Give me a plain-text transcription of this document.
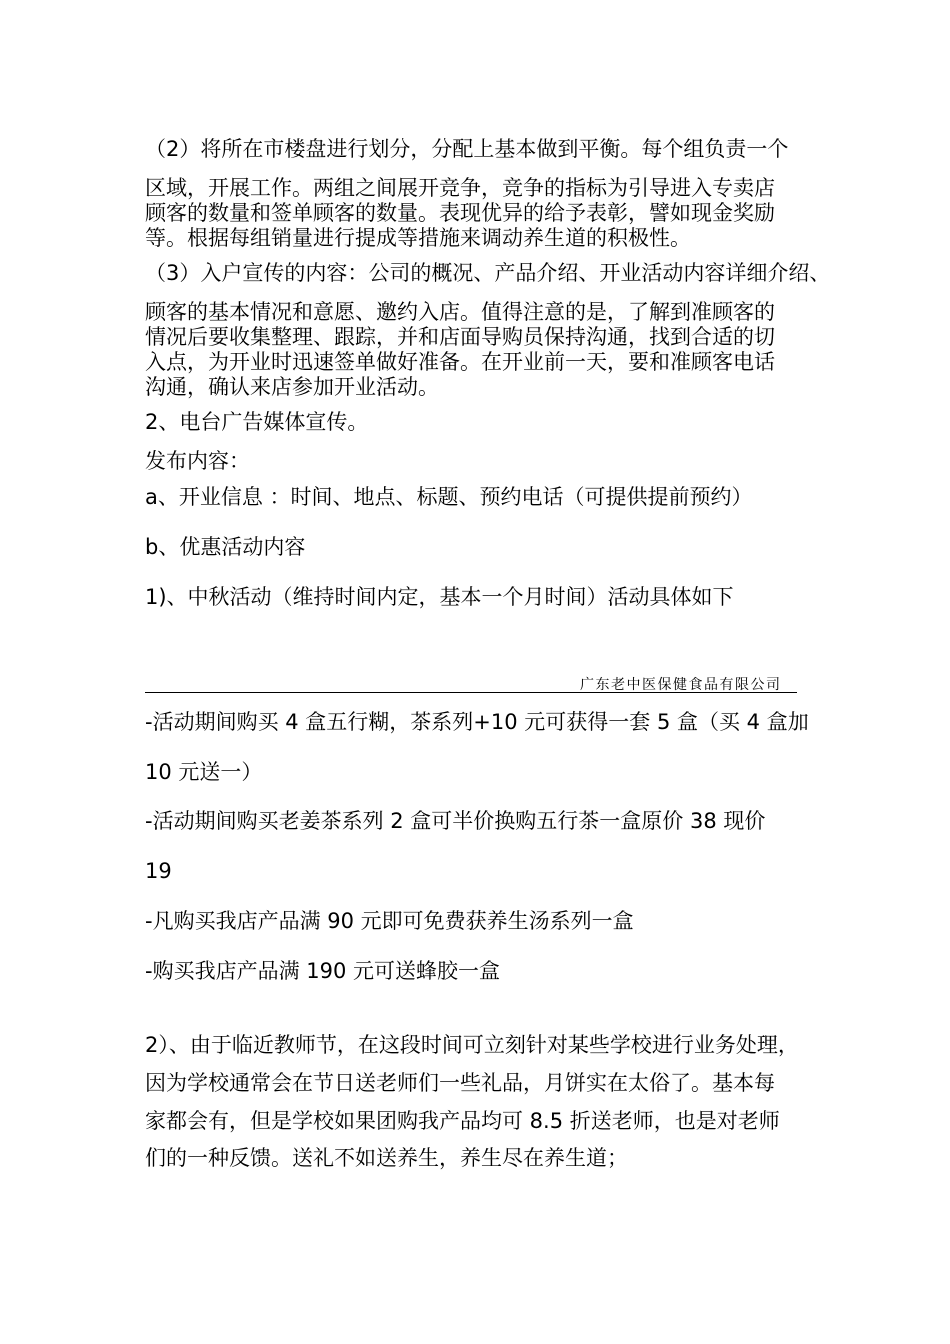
（2）将所在市楼盘进行划分，分配上基本做到平衡。每个组负责一个
区域，开展工作。两组之间展开竞争，竞争的指标为引导进入专卖店
顾客的数量和签单顾客的数量。表现优异的给予表彰，譬如现金奖励
等。根据每组销量进行提成等措施来调动养生道的积极性。
（3）入户宣传的内容：公司的概况、产品介绍、开业活动内容详细介绍、
顾客的基本情况和意愿、邀约入店。值得注意的是，了解到准顾客的
情况后要收集整理、跟踪，并和店面导购员保持沟通，找到合适的切
入点，为开业时迅速签单做好准备。在开业前一天，要和准顾客电话
沟通，确认来店参加开业活动。
2、电台广告媒体宣传。
发布内容：
a、开业信息 ：时间、地点、标题、预约电话（可提供提前预约）
b、优惠活动内容
1)、中秋活动（维持时间内定，基本一个月时间）活动具体如下
广东老中医保健食品有限公司
-活动期间购买 4 盒五行糊，茶系列+10 元可获得一套 5 盒（买 4 盒加
10 元送一）
-活动期间购买老姜茶系列 2 盒可半价换购五行茶一盒原价 38 现价
19
-凡购买我店产品满 90 元即可免费获养生汤系列一盒
-购买我店产品满 190 元可送蜂胶一盒
2）、由于临近教师节，在这段时间可立刻针对某些学校进行业务处理，
因为学校通常会在节日送老师们一些礼品，月饼实在太俗了。基本每
家都会有，但是学校如果团购我产品均可 8.5 折送老师，也是对老师
们的一种反馈。送礼不如送养生，养生尽在养生道；
